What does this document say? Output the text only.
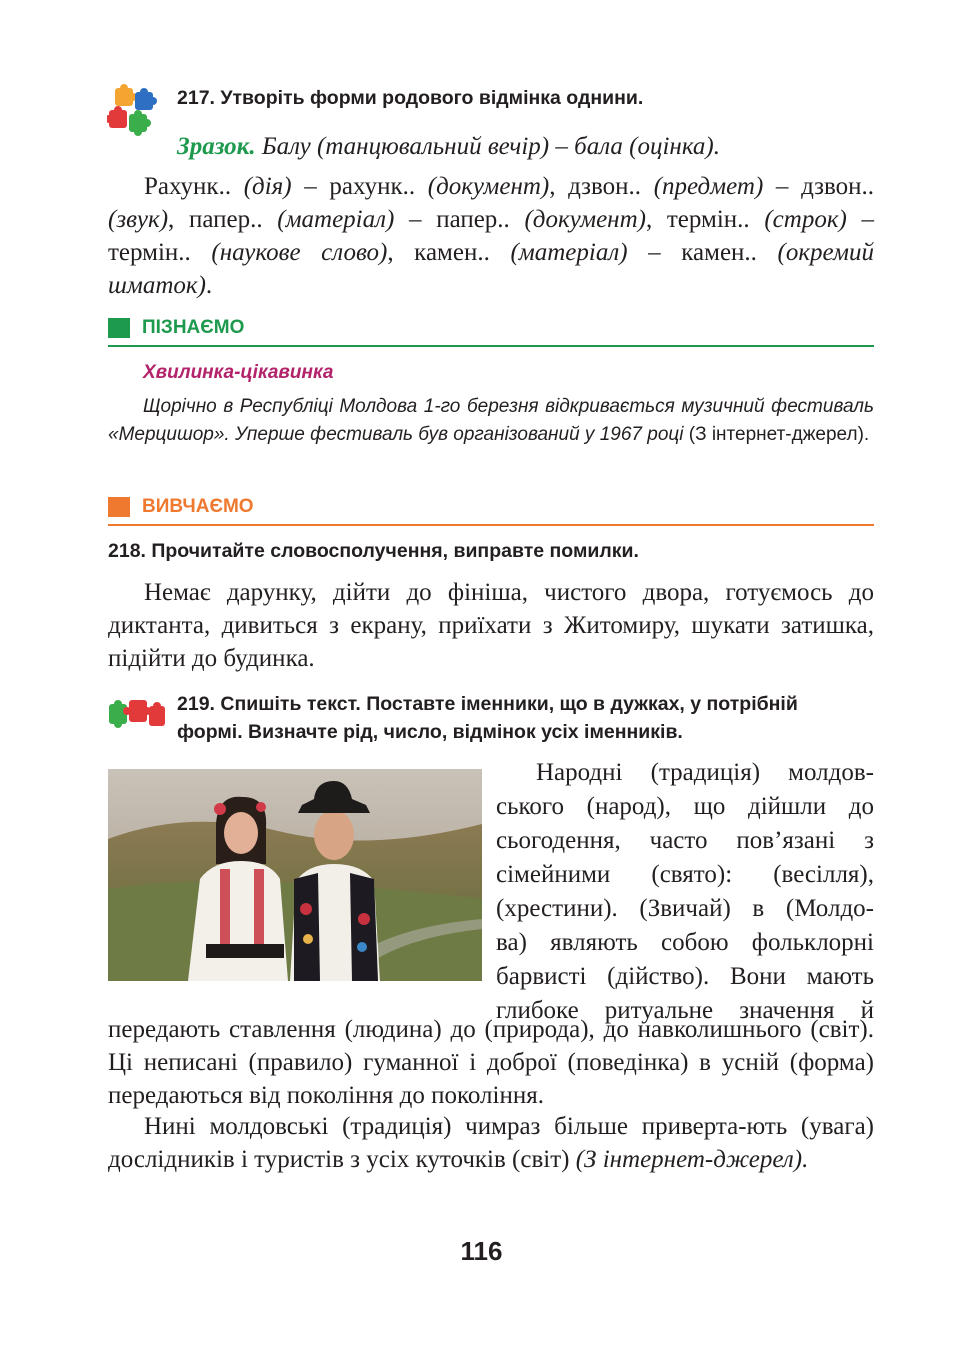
217. Утворіть форми родового відмінка однини.
Зразок. Балу (танцювальний вечір) – бала (оцінка).
Рахунк.. (дія) – рахунк.. (документ), дзвон.. (предмет) – дзвон.. (звук), папер.. (матеріал) – папер.. (документ), термін.. (строк) – термін.. (наукове слово), камен.. (матеріал) – камен.. (окремий шматок).
ПІЗНАЄМО
Хвилинка-цікавинка
Щорічно в Республіці Молдова 1-го березня відкривається музичний фестиваль «Мерцишор». Уперше фестиваль був організований у 1967 році (З інтернет-джерел).
ВИВЧАЄМО
218. Прочитайте словосполучення, виправте помилки.
Немає дарунку, дійти до фініша, чистого двора, готуємось до диктанта, дивиться з екрану, приїхати з Житомиру, шукати затишка, підійти до будинка.
219. Спишіть текст. Поставте іменники, що в дужках, у потрібній
формі. Визначте рід, число, відмінок усіх іменників.
Народні (традиція) молдов-
ського (народ), що дійшли до
сьогодення, часто пов’язані з
сімейними (свято): (весілля),
(хрестини). (Звичай) в (Молдо-
ва) являють собою фольклорні
барвисті (дійство). Вони мають
глибоке ритуальне значення й
передають ставлення (людина) до (природа), до навколишнього (світ). Ці неписані (правило) гуманної і доброї (поведінка) в усній (форма) передаються від покоління до покоління.
Нині молдовські (традиція) чимраз більше приверта-ють (увага) дослідників і туристів з усіх куточків (світ) (З інтернет-джерел).
116
